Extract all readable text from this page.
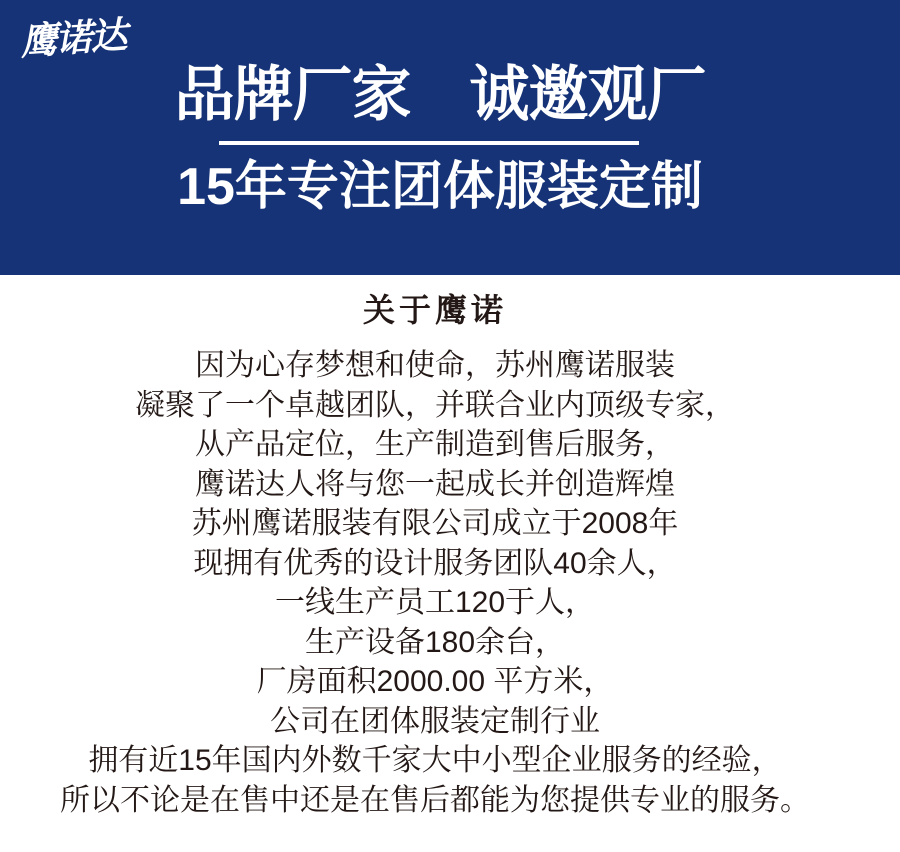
鹰诺达
品牌厂家　诚邀观厂
15年专注团体服装定制
关于鹰诺

因为心存梦想和使命，苏州鹰诺服装

凝聚了一个卓越团队，并联合业内顶级专家，

从产品定位，生产制造到售后服务，

鹰诺达人将与您一起成长并创造辉煌

苏州鹰诺服装有限公司成立于2008年

现拥有优秀的设计服务团队40余人，

一线生产员工120于人，

生产设备180余台，

厂房面积2000.00 平方米，

公司在团体服装定制行业

拥有近15年国内外数千家大中小型企业服务的经验，

所以不论是在售中还是在售后都能为您提供专业的服务。
